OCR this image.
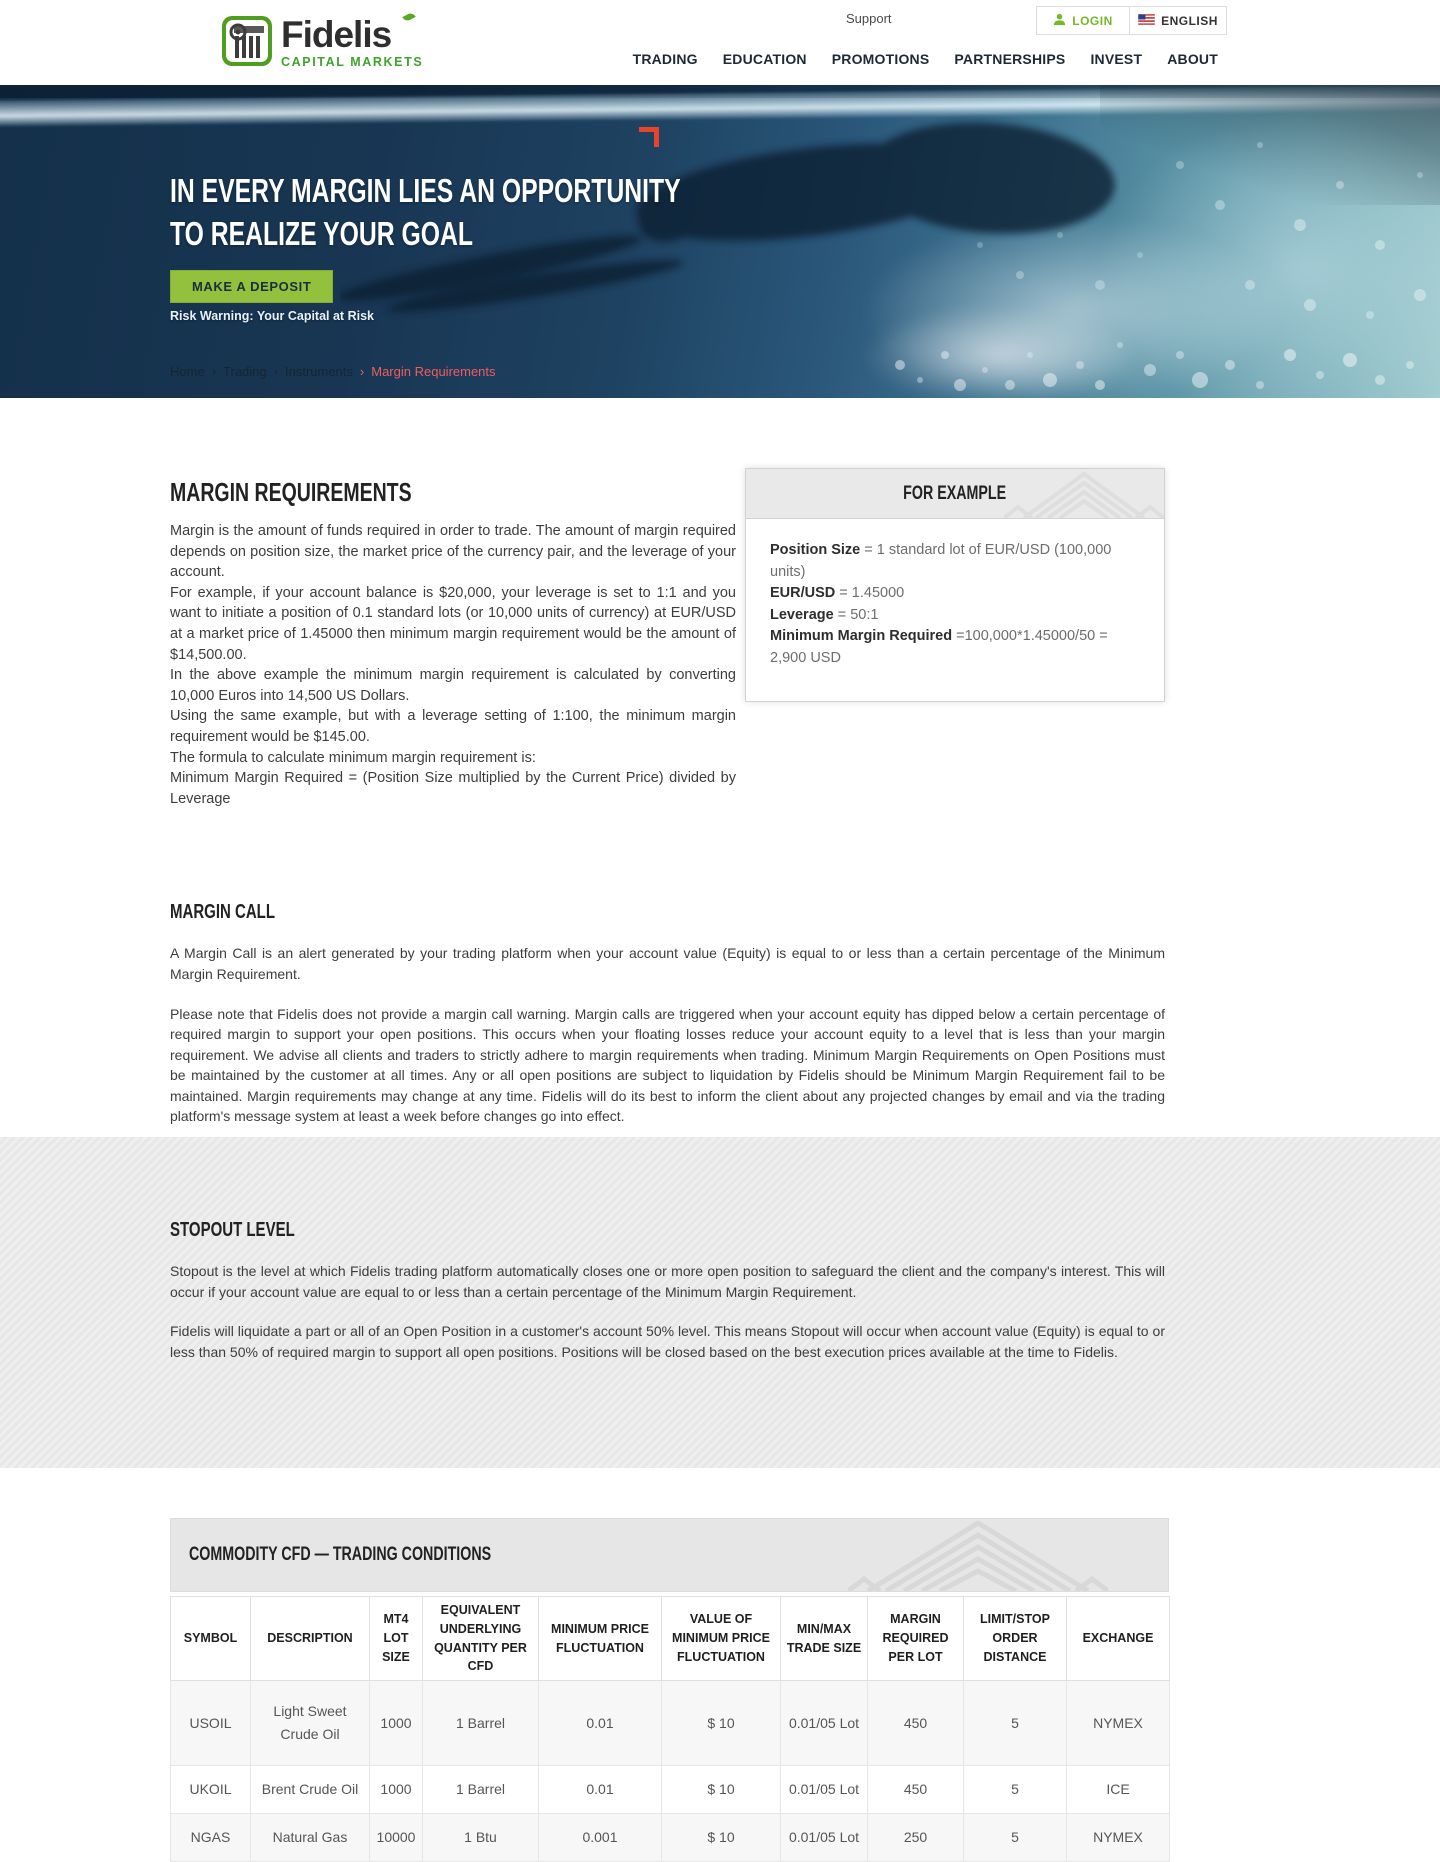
Fidelis
CAPITAL MARKETS
Support	LOGIN	ENGLISH
TRADING EDUCATION PROMOTIONS PARTNERSHIPS INVEST ABOUT
IN EVERY MARGIN LIES AN OPPORTUNITY
TO REALIZE YOUR GOAL
MAKE A DEPOSIT
Risk Warning: Your Capital at Risk
Home › Trading › Instruments › Margin Requirements
MARGIN REQUIREMENTS

Margin is the amount of funds required in order to trade. The amount of margin required depends on position size, the market price of the currency pair, and the leverage of your account.

For example, if your account balance is $20,000, your leverage is set to 1:1 and you want to initiate a position of 0.1 standard lots (or 10,000 units of currency) at EUR/USD at a market price of 1.45000 then minimum margin requirement would be the amount of $14,500.00.

In the above example the minimum margin requirement is calculated by converting 10,000 Euros into 14,500 US Dollars.

Using the same example, but with a leverage setting of 1:100, the minimum margin requirement would be $145.00.

The formula to calculate minimum margin requirement is:

Minimum Margin Required = (Position Size multiplied by the Current Price) divided by Leverage

FOR EXAMPLE
Position Size = 1 standard lot of EUR/USD (100,000 units)
EUR/USD = 1.45000
Leverage = 50:1
Minimum Margin Required =100,000*1.45000/50 = 2,900 USD
MARGIN CALL

A Margin Call is an alert generated by your trading platform when your account value (Equity) is equal to or less than a certain percentage of the Minimum Margin Requirement.

Please note that Fidelis does not provide a margin call warning. Margin calls are triggered when your account equity has dipped below a certain percentage of required margin to support your open positions. This occurs when your floating losses reduce your account equity to a level that is less than your margin requirement. We advise all clients and traders to strictly adhere to margin requirements when trading. Minimum Margin Requirements on Open Positions must be maintained by the customer at all times. Any or all open positions are subject to liquidation by Fidelis should be Minimum Margin Requirement fail to be maintained. Margin requirements may change at any time. Fidelis will do its best to inform the client about any projected changes by email and via the trading platform's message system at least a week before changes go into effect.

STOPOUT LEVEL

Stopout is the level at which Fidelis trading platform automatically closes one or more open position to safeguard the client and the company's interest. This will occur if your account value are equal to or less than a certain percentage of the Minimum Margin Requirement.

Fidelis will liquidate a part or all of an Open Position in a customer's account 50% level. This means Stopout will occur when account value (Equity) is equal to or less than 50% of required margin to support all open positions. Positions will be closed based on the best execution prices available at the time to Fidelis.

COMMODITY CFD — TRADING CONDITIONS
SYMBOL	DESCRIPTION	MT4 LOT SIZE	EQUIVALENT UNDERLYING QUANTITY PER CFD	MINIMUM PRICE FLUCTUATION	VALUE OF MINIMUM PRICE FLUCTUATION	MIN/MAX TRADE SIZE	MARGIN REQUIRED PER LOT	LIMIT/STOP ORDER DISTANCE	EXCHANGE
USOIL	Light Sweet Crude Oil	1000	1 Barrel	0.01	$ 10	0.01/05 Lot	450	5	NYMEX
UKOIL	Brent Crude Oil	1000	1 Barrel	0.01	$ 10	0.01/05 Lot	450	5	ICE
NGAS	Natural Gas	10000	1 Btu	0.001	$ 10	0.01/05 Lot	250	5	NYMEX
